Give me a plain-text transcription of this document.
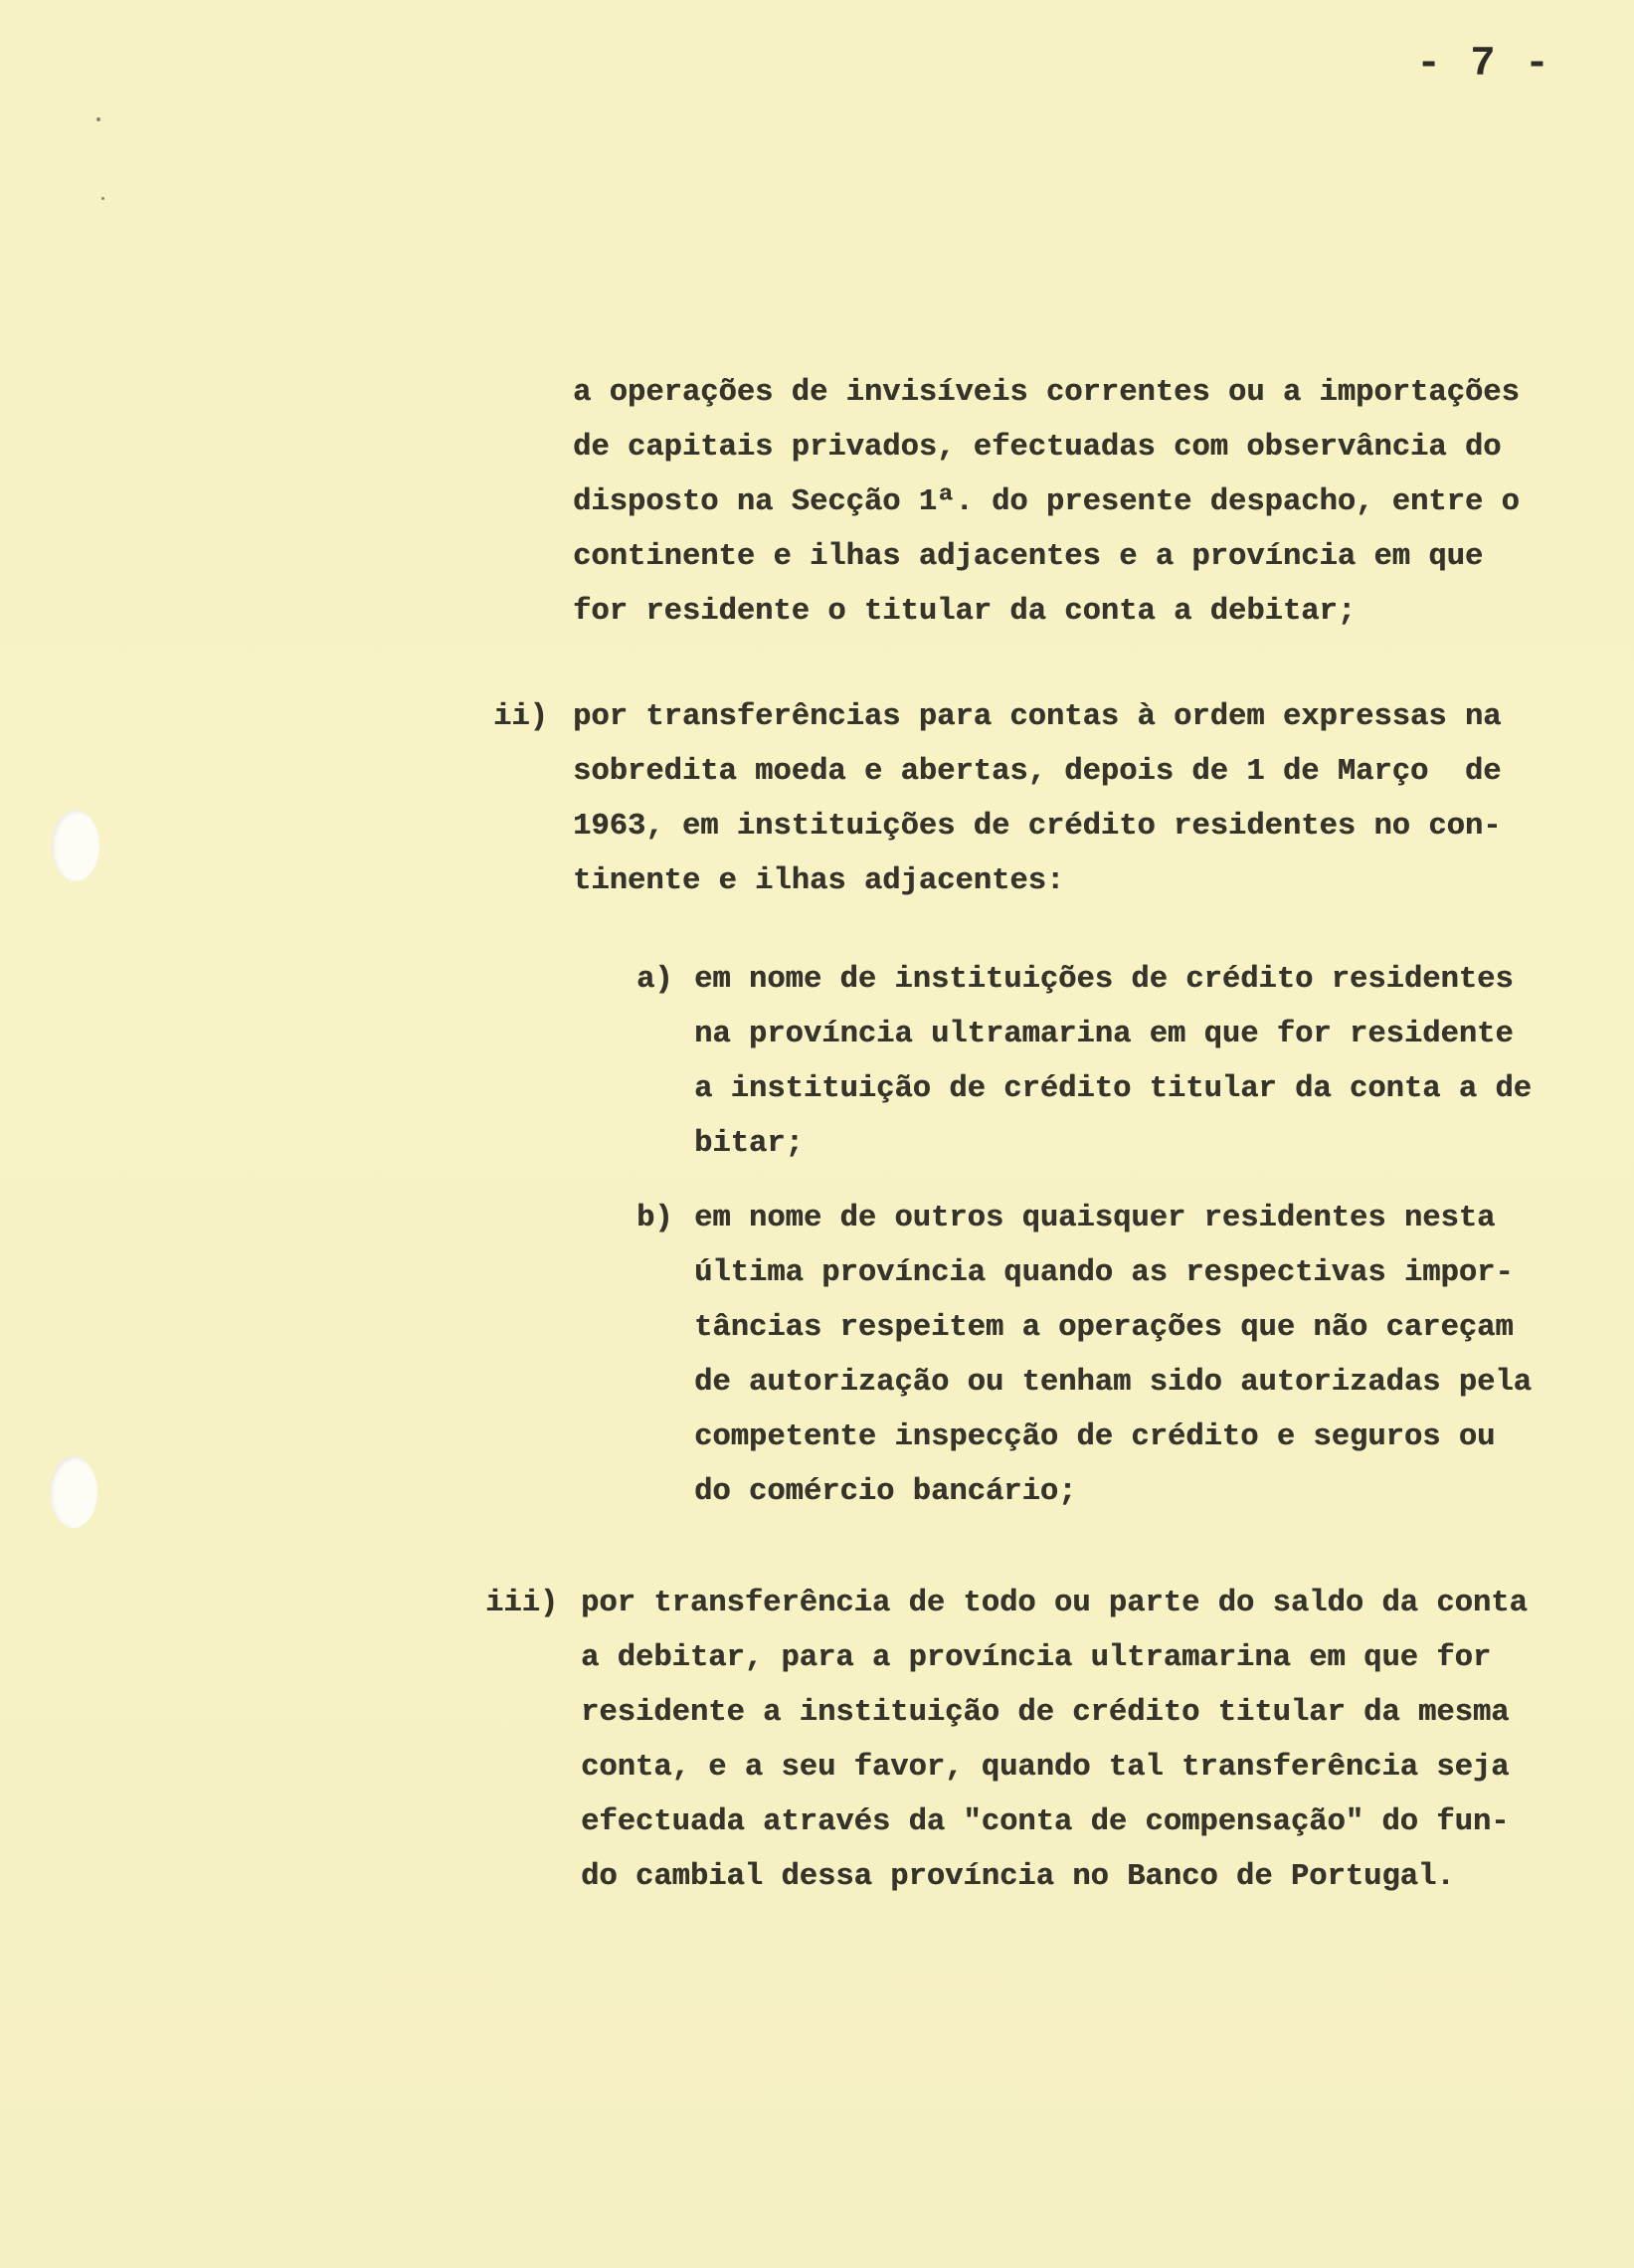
- 7 -
a operações de invisíveis correntes ou a importações
de capitais privados, efectuadas com observância do
disposto na Secção 1ª. do presente despacho, entre o
continente e ilhas adjacentes e a província em que
for residente o titular da conta a debitar;
ii) por transferências para contas à ordem expressas na
sobredita moeda e abertas, depois de 1 de Março  de
1963, em instituições de crédito residentes no con-
tinente e ilhas adjacentes:
a) em nome de instituições de crédito residentes
na província ultramarina em que for residente
a instituição de crédito titular da conta a de
bitar;
b) em nome de outros quaisquer residentes nesta
última província quando as respectivas impor-
tâncias respeitem a operações que não careçam
de autorização ou tenham sido autorizadas pela
competente inspecção de crédito e seguros ou
do comércio bancário;
iii) por transferência de todo ou parte do saldo da conta
a debitar, para a província ultramarina em que for
residente a instituição de crédito titular da mesma
conta, e a seu favor, quando tal transferência seja
efectuada através da "conta de compensação" do fun-
do cambial dessa província no Banco de Portugal.
